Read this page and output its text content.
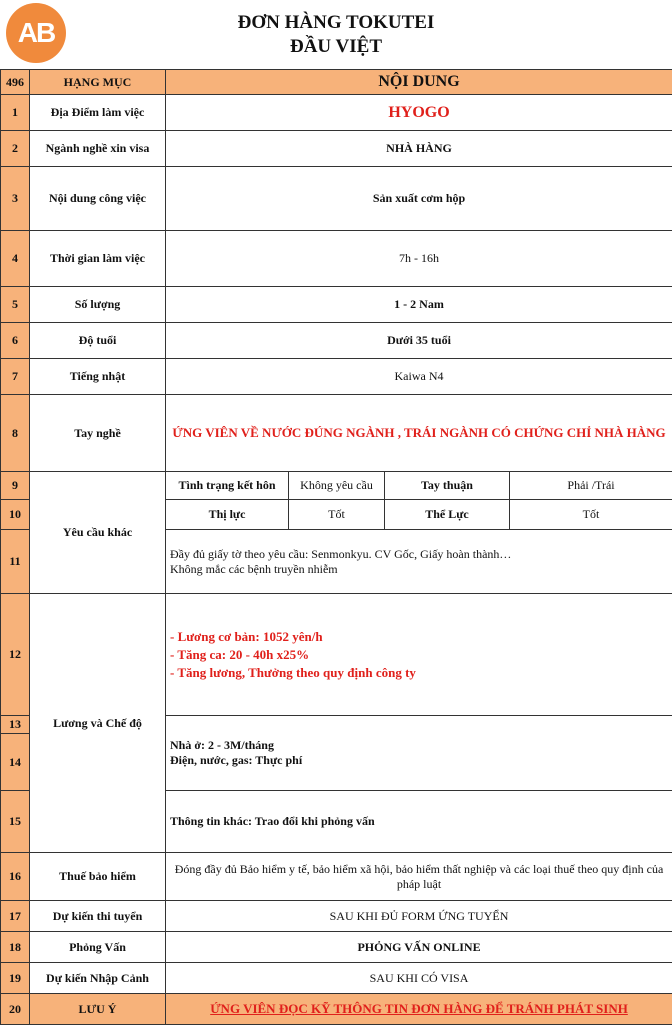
AB	ĐƠN HÀNG TOKUTEI
ĐẦU VIỆT
496	HẠNG MỤC	NỘI DUNG			
1	Địa Điểm làm việc	HYOGO			
2	Ngành nghề xin visa	NHÀ HÀNG			
3	Nội dung công việc	Sản xuất cơm hộp			
4	Thời gian làm việc	7h - 16h			
5	Số lượng	1 - 2 Nam			
6	Độ tuổi	Dưới 35 tuổi			
7	Tiếng nhật	Kaiwa N4			
8	Tay nghề	ỨNG VIÊN VỀ NƯỚC ĐÚNG NGÀNH , TRÁI NGÀNH CÓ CHỨNG CHỈ NHÀ HÀNG			
9	Yêu cầu khác	Tình trạng kết hôn	Không yêu cầu	Tay thuận	Phải /Trái
10		Thị lực	Tốt	Thể Lực	Tốt
11		Đầy đủ giấy tờ theo yêu cầu: Senmonkyu. CV Gốc, Giấy hoàn thành…
Không mắc các bệnh truyền nhiễm			

12	Lương và Chế độ	- Lương cơ bản: 1052 yên/h
- Tăng ca: 20 - 40h x25%
- Tăng lương, Thưởng theo quy định công ty			

13		Nhà ở: 2 - 3M/tháng
Điện, nước, gas: Thực phí			

14					
15		Thông tin khác: Trao đổi khi phỏng vấn			
16	Thuế bảo hiểm	Đóng đầy đủ Bảo hiểm y tế, bảo hiểm xã hội, bảo hiểm thất nghiệp và các loại thuế theo quy định của pháp luật			
17	Dự kiến thi tuyển	SAU KHI ĐỦ FORM ỨNG TUYỂN			
18	Phỏng Vấn	PHỎNG VẤN ONLINE			
19	Dự kiến Nhập Cảnh	SAU KHI CÓ VISA			
20	LƯU Ý	ỨNG VIÊN ĐỌC KỸ THÔNG TIN ĐƠN HÀNG ĐỂ TRÁNH PHÁT SINH			
